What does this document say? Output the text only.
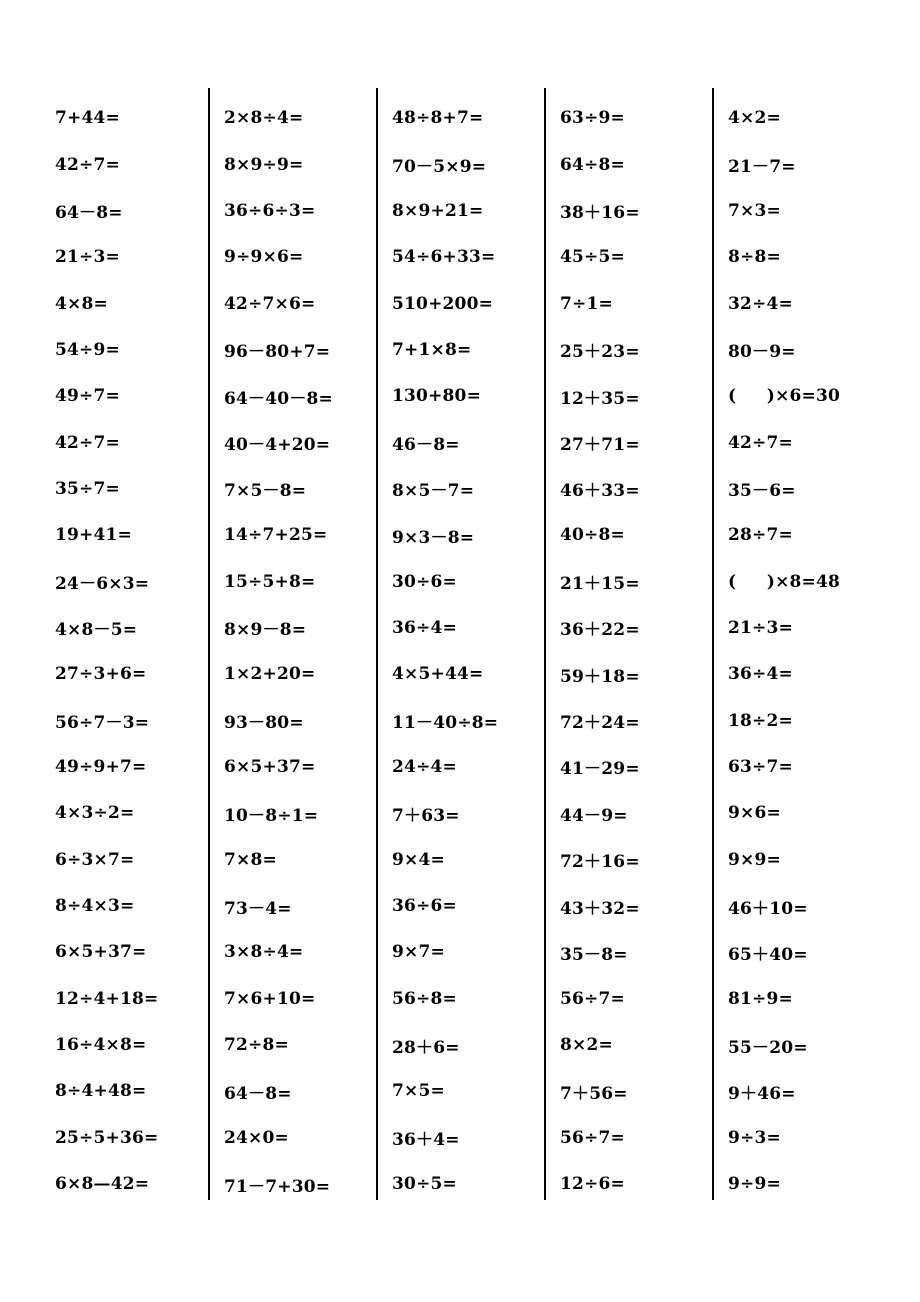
7+44=
42÷7=
64－8=
21÷3=
4×8=
54÷9=
49÷7=
42÷7=
35÷7=
19+41=
24－6×3=
4×8－5=
27÷3+6=
56÷7－3=
49÷9+7=
4×3÷2=
6÷3×7=
8÷4×3=
6×5+37=
12÷4+18=
16÷4×8=
8÷4+48=
25÷5+36=
6×8—42=
2×8÷4=
8×9÷9=
36÷6÷3=
9÷9×6=
42÷7×6=
96－80+7=
64－40－8=
40－4+20=
7×5－8=
14÷7+25=
15÷5+8=
8×9－8=
1×2+20=
93－80=
6×5+37=
10－8÷1=
7×8=
73－4=
3×8÷4=
7×6+10=
72÷8=
64－8=
24×0=
71－7+30=
48÷8+7=
70－5×9=
8×9+21=
54÷6+33=
510+200=
7+1×8=
130+80=
46－8=
8×5－7=
9×3－8=
30÷6=
36÷4=
4×5+44=
11－40÷8=
24÷4=
7＋63=
9×4=
36÷6=
9×7=
56÷8=
28＋6=
7×5=
36＋4=
30÷5=
63÷9=
64÷8=
38＋16=
45÷5=
7÷1=
25＋23=
12＋35=
27＋71=
46＋33=
40÷8=
21＋15=
36＋22=
59＋18=
72＋24=
41－29=
44－9=
72＋16=
43＋32=
35－8=
56÷7=
8×2=
7＋56=
56÷7=
12÷6=
4×2=
21－7=
7×3=
8÷8=
32÷4=
80－9=
(     )×6=30
42÷7=
35－6=
28÷7=
(     )×8=48
21÷3=
36÷4=
18÷2=
63÷7=
9×6=
9×9=
46＋10=
65＋40=
81÷9=
55－20=
9＋46=
9÷3=
9÷9=
